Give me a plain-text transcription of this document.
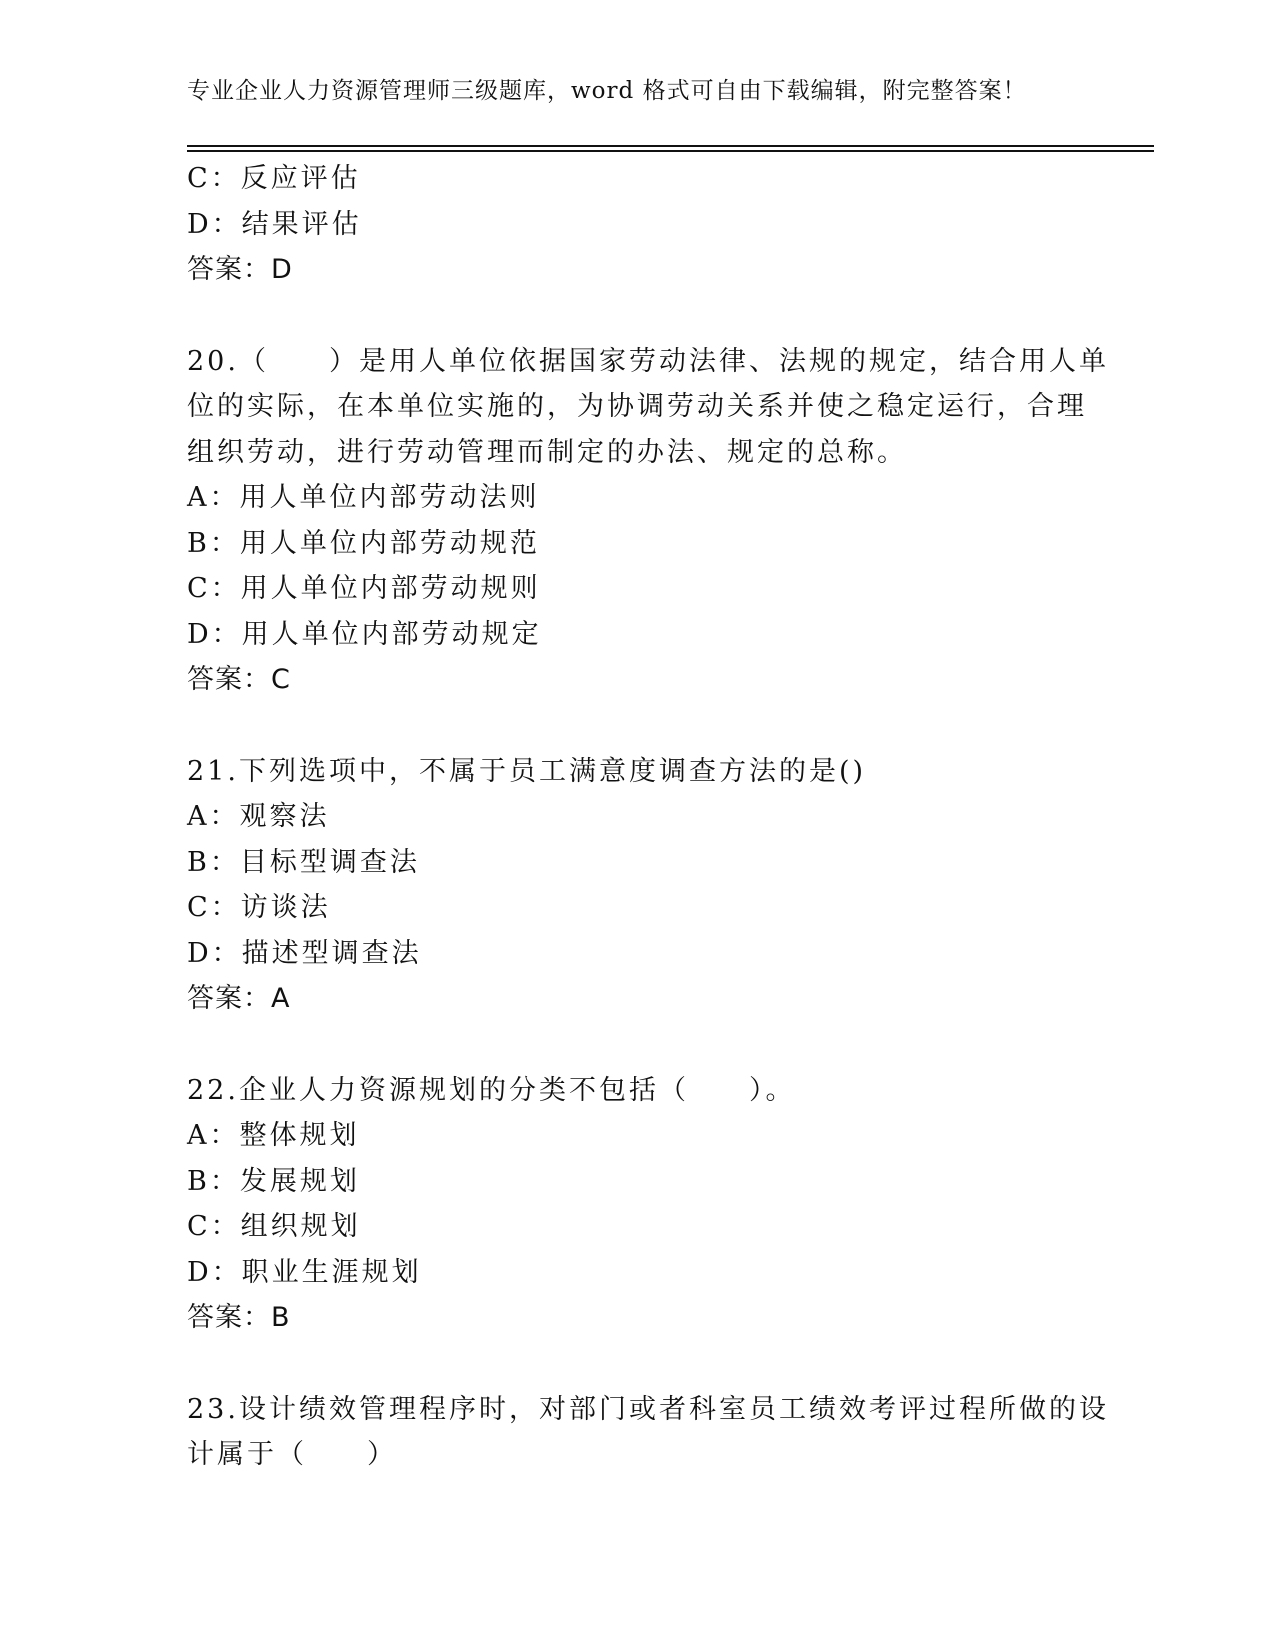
专业企业人力资源管理师三级题库，word 格式可自由下载编辑，附完整答案！
C：反应评估
D：结果评估
答案：D
20.（　　）是用人单位依据国家劳动法律、法规的规定，结合用人单
位的实际，在本单位实施的，为协调劳动关系并使之稳定运行，合理
组织劳动，进行劳动管理而制定的办法、规定的总称。
A：用人单位内部劳动法则
B：用人单位内部劳动规范
C：用人单位内部劳动规则
D：用人单位内部劳动规定
答案：C
21.下列选项中，不属于员工满意度调查方法的是()
A：观察法
B：目标型调查法
C：访谈法
D：描述型调查法
答案：A
22.企业人力资源规划的分类不包括（　　）。
A：整体规划
B：发展规划
C：组织规划
D：职业生涯规划
答案：B
23.设计绩效管理程序时，对部门或者科室员工绩效考评过程所做的设
计属于（　　）
